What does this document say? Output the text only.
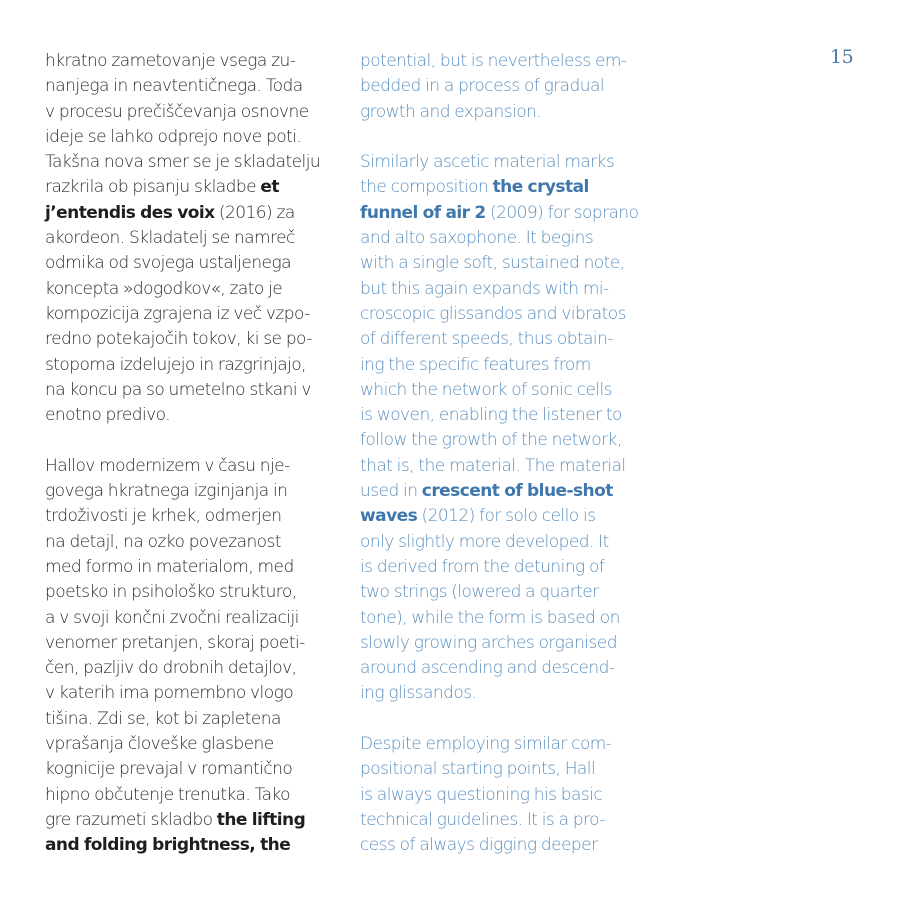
hkratno zametovanje vsega zu-
nanjega in neavtentičnega. Toda
v procesu prečiščevanja osnovne
ideje se lahko odprejo nove poti.
Takšna nova smer se je skladatelju
razkrila ob pisanju skladbe et
j’entendis des voix (2016) za
akordeon. Skladatelj se namreč
odmika od svojega ustaljenega
koncepta »dogodkov«, zato je
kompozicija zgrajena iz več vzpo-
redno potekajočih tokov, ki se po-
stopoma izdelujejo in razgrinjajo,
na koncu pa so umetelno stkani v
enotno predivo.
Hallov modernizem v času nje-
govega hkratnega izginjanja in
trdoživosti je krhek, odmerjen
na detajl, na ozko povezanost
med formo in materialom, med
poetsko in psihološko strukturo,
a v svoji končni zvočni realizaciji
venomer pretanjen, skoraj poeti-
čen, pazljiv do drobnih detajlov,
v katerih ima pomembno vlogo
tišina. Zdi se, kot bi zapletena
vprašanja človeške glasbene
kognicije prevajal v romantično
hipno občutenje trenutka. Tako
gre razumeti skladbo the lifting
and folding brightness, the
potential, but is nevertheless em-
bedded in a process of gradual
growth and expansion.
Similarly ascetic material marks
the composition the crystal
funnel of air 2 (2009) for soprano
and alto saxophone. It begins
with a single soft, sustained note,
but this again expands with mi-
croscopic glissandos and vibratos
of different speeds, thus obtain-
ing the specific features from
which the network of sonic cells
is woven, enabling the listener to
follow the growth of the network,
that is, the material. The material
used in crescent of blue-shot
waves (2012) for solo cello is
only slightly more developed. It
is derived from the detuning of
two strings (lowered a quarter
tone), while the form is based on
slowly growing arches organised
around ascending and descend-
ing glissandos.
Despite employing similar com-
positional starting points, Hall
is always questioning his basic
technical guidelines. It is a pro-
cess of always digging deeper
15
